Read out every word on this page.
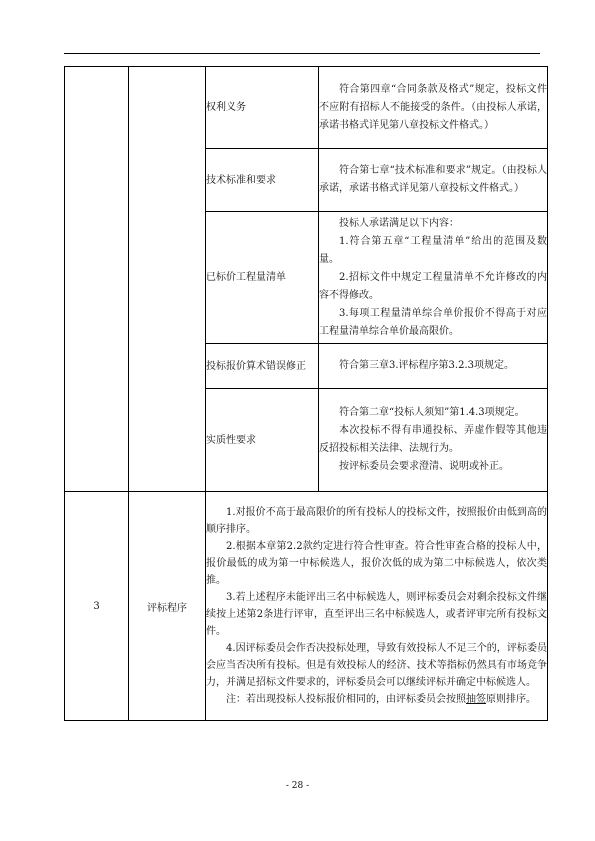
		权利义务	符合第四章“合同条款及格式”规定，投标文件不应附有招标人不能接受的条件。（由投标人承诺，承诺书格式详见第八章投标文件格式。）

		技术标准和要求	符合第七章“技术标准和要求”规定。（由投标人承诺，承诺书格式详见第八章投标文件格式。）

		已标价工程量清单	投标人承诺满足以下内容：

1.符合第五章“工程量清单”给出的范围及数量。

2.招标文件中规定工程量清单不允许修改的内容不得修改。

3.每项工程量清单综合单价报价不得高于对应工程量清单综合单价最高限价。

		投标报价算术错误修正	符合第三章3.评标程序第3.2.3项规定。

		实质性要求	符合第二章“投标人须知”第1.4.3项规定。

本次投标不得有串通投标、弄虚作假等其他违反招投标相关法律、法规行为。

按评标委员会要求澄清、说明或补正。

3	评标程序	1.对报价不高于最高限价的所有投标人的投标文件，按照报价由低到高的顺序排序。

2.根据本章第2.2款约定进行符合性审查。符合性审查合格的投标人中，报价最低的成为第一中标候选人，报价次低的成为第二中标候选人，依次类推。

3.若上述程序未能评出三名中标候选人，则评标委员会对剩余投标文件继续按上述第2条进行评审，直至评出三名中标候选人，或者评审完所有投标文件。

4.因评标委员会作否决投标处理，导致有效投标人不足三个的，评标委员会应当否决所有投标。但是有效投标人的经济、技术等指标仍然具有市场竞争力，并满足招标文件要求的，评标委员会可以继续评标并确定中标候选人。

注：若出现投标人投标报价相同的，由评标委员会按照抽签原则排序。	

- 28 -
